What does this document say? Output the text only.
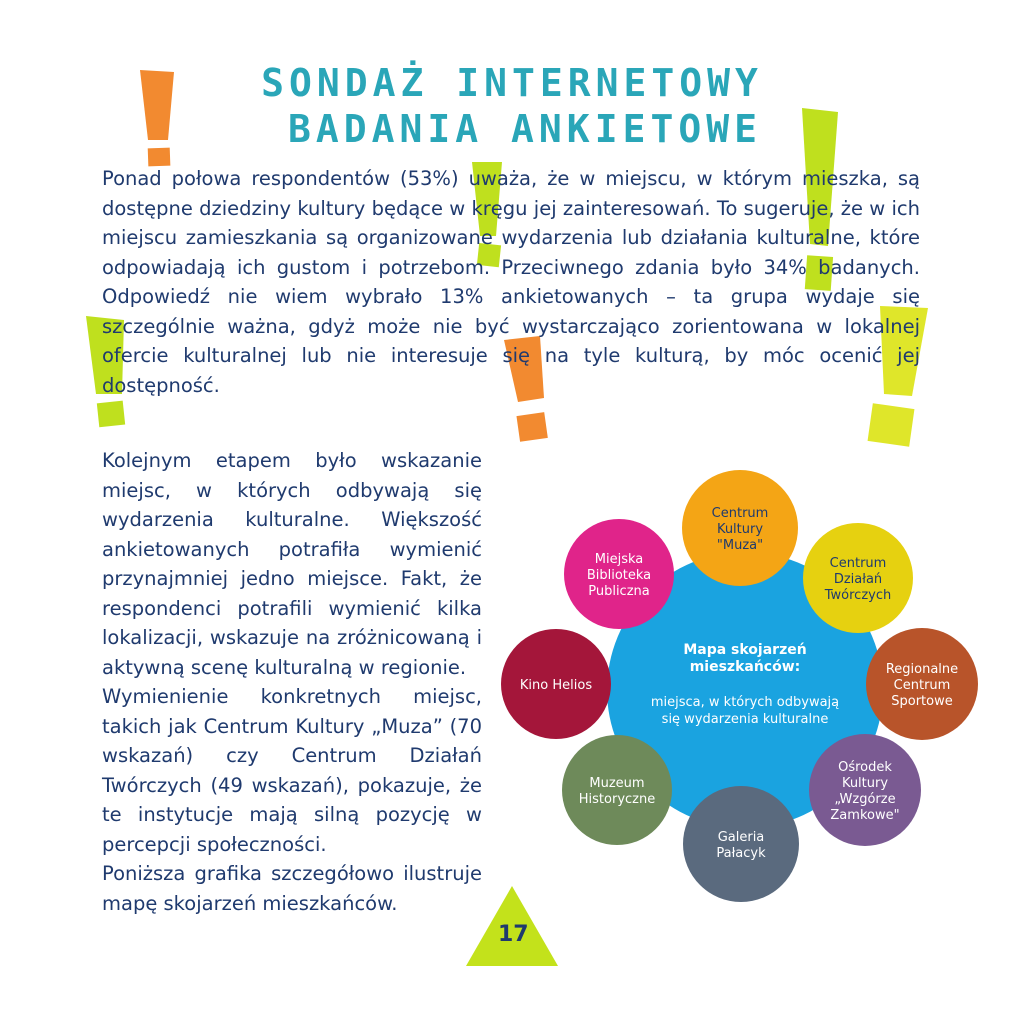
SONDAŻ INTERNETOWY
BADANIA ANKIETOWE
Ponad połowa respondentów (53%) uważa, że w miejscu, w którym mieszka, są dostępne dziedziny kultury będące w kręgu jej zainteresowań. To sugeruje, że w ich miejscu zamieszkania są organizowane wydarzenia lub działania kulturalne, które odpowiadają ich gustom i potrzebom. Przeciwnego zdania było 34% badanych. Odpowiedź nie wiem wybrało 13% ankietowanych – ta grupa wydaje się szczególnie ważna, gdyż może nie być wystarczająco zorientowana w lokalnej ofercie kulturalnej lub nie interesuje się na tyle kulturą, by móc ocenić jej dostępność.

Kolejnym etapem było wskazanie miejsc, w których odbywają się wydarzenia kulturalne. Większość ankietowanych potrafiła wymienić przynajmniej jedno miejsce. Fakt, że respondenci potrafili wymienić kilka lokalizacji, wskazuje na zróżnicowaną i aktywną scenę kulturalną w regionie.

Wymienienie konkretnych miejsc, takich jak Centrum Kultury „Muza” (70 wskazań) czy Centrum Działań Twórczych (49 wskazań), pokazuje, że te instytucje mają silną pozycję w percepcji społeczności.

Poniższa grafika szczegółowo ilustruje mapę skojarzeń mieszkańców.

Mapa skojarzeń
mieszkańców:
miejsca, w których odbywają
się wydarzenia kulturalne
Centrum
Kultury
"Muza"
Centrum
Działań
Twórczych
Regionalne
Centrum
Sportowe
Ośrodek
Kultury
„Wzgórze
Zamkowe"
Galeria
Pałacyk
Muzeum
Historyczne
Kino Helios
Miejska
Biblioteka
Publiczna
17
